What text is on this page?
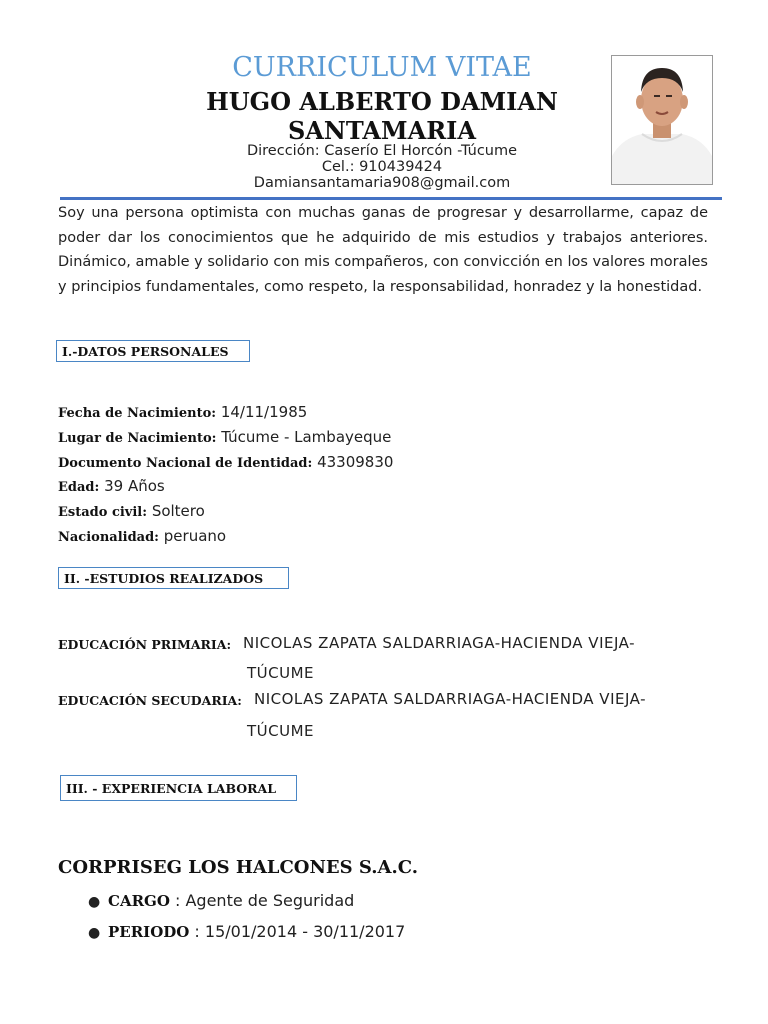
CURRICULUM VITAE
HUGO ALBERTO DAMIAN
SANTAMARIA
Dirección: Caserío El Horcón -Túcume
Cel.: 910439424
Damiansantamaria908@gmail.com
Soy una persona optimista con muchas ganas de progresar y desarrollarme, capaz de poder dar los conocimientos que he adquirido de mis estudios y trabajos anteriores. Dinámico, amable y solidario con mis compañeros, con convicción en los valores morales y principios fundamentales, como respeto, la responsabilidad, honradez y la honestidad.
I.-DATOS PERSONALES
Fecha de Nacimiento: 14/11/1985
Lugar de Nacimiento: Túcume - Lambayeque
Documento Nacional de Identidad: 43309830
Edad: 39 Años
Estado civil: Soltero
Nacionalidad: peruano
II. -ESTUDIOS REALIZADOS
EDUCACIÓN PRIMARIA: NICOLAS ZAPATA SALDARRIAGA-HACIENDA VIEJA-
TÚCUME
EDUCACIÓN SECUDARIA: NICOLAS ZAPATA SALDARRIAGA-HACIENDA VIEJA-
TÚCUME
III. - EXPERIENCIA LABORAL
CORPRISEG LOS HALCONES S.A.C.
● CARGO : Agente de Seguridad
● PERIODO : 15/01/2014 - 30/11/2017
